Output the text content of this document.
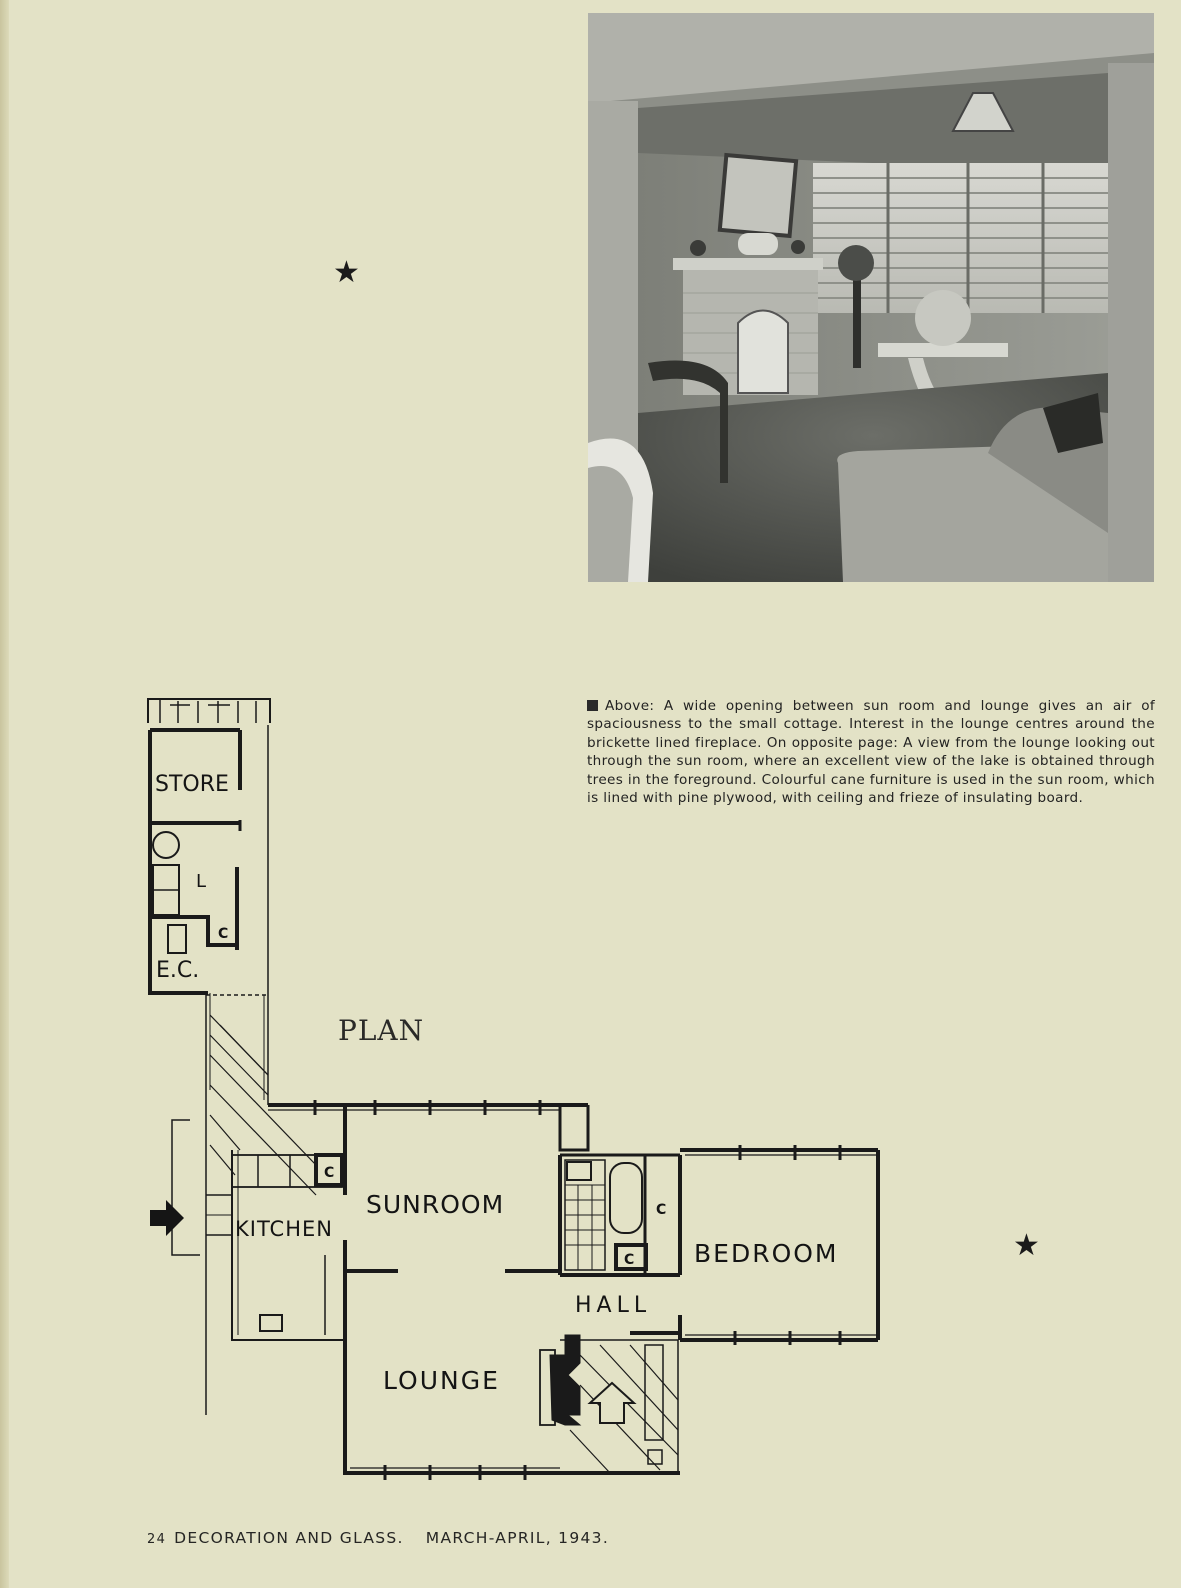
★
★
Above: A wide opening between sun room and lounge gives an air of spaciousness to the small cottage. Interest in the lounge centres around the brickette lined fireplace. On opposite page: A view from the lounge looking out through the sun room, where an excellent view of the lake is obtained through trees in the foreground. Colourful cane furniture is used in the sun room, which is lined with pine plywood, with ceiling and frieze of insulating board.
PLAN
STORE
L
C
E.C.
KITCHEN
C
SUNROOM	C
C BEDROOM
HALL
LOUNGE
24 DECORATION AND GLASS. MARCH-APRIL, 1943.
